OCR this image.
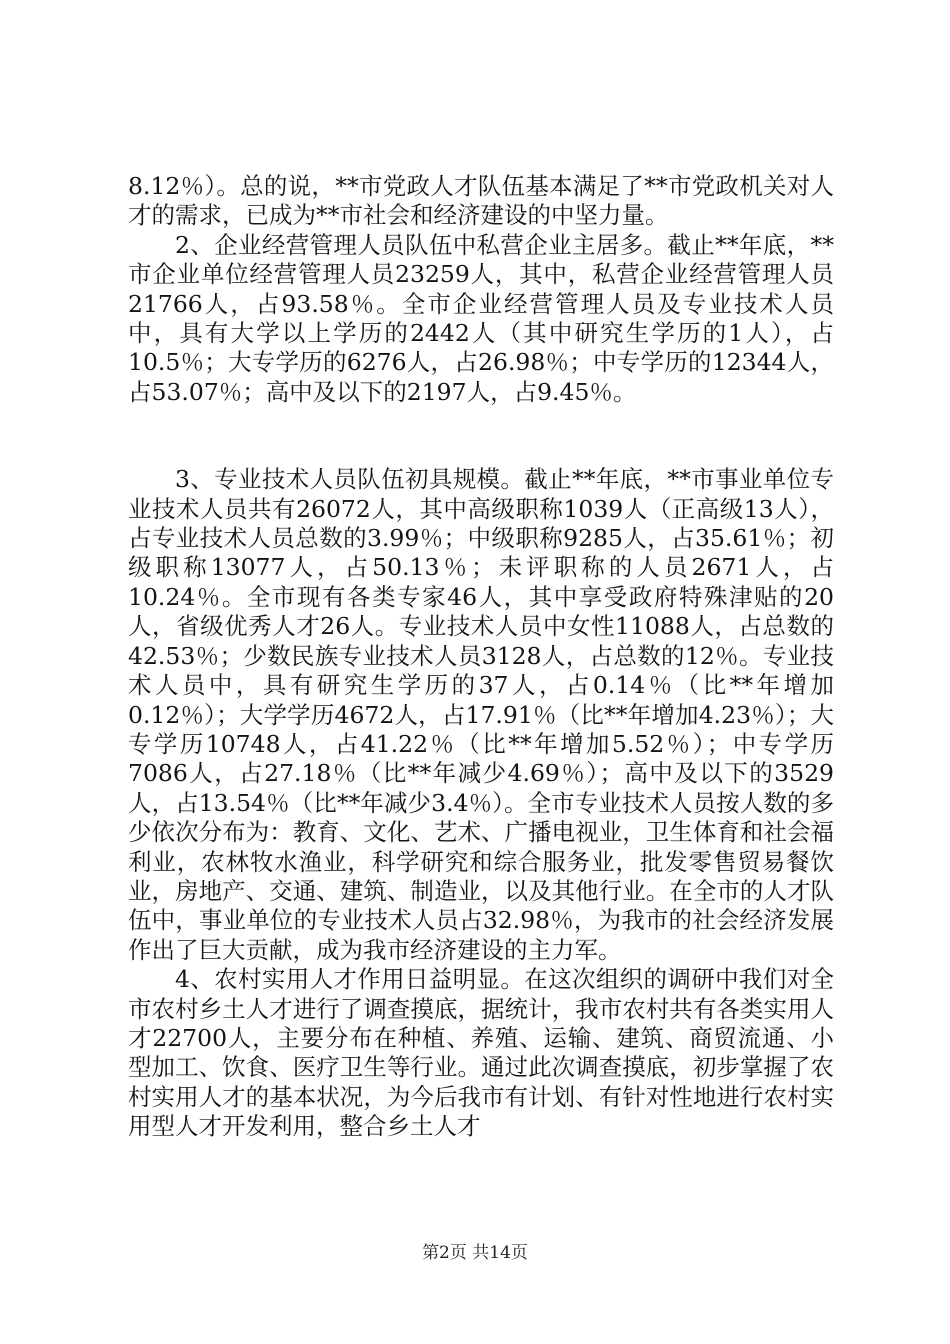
8.12％）。总的说，**市党政人才队伍基本满足了**市党政机关对人才的需求，已成为**市社会和经济建设的中坚力量。

2、企业经营管理人员队伍中私营企业主居多。截止**年底，**市企业单位经营管理人员23259人，其中，私营企业经营管理人员21766人，占93.58％。全市企业经营管理人员及专业技术人员中，具有大学以上学历的2442人（其中研究生学历的1人），占10.5％；大专学历的6276人，占26.98％；中专学历的12344人，占53.07％；高中及以下的2197人，占9.45％。

3、专业技术人员队伍初具规模。截止**年底，**市事业单位专业技术人员共有26072人，其中高级职称1039人（正高级13人），占专业技术人员总数的3.99％；中级职称9285人，占35.61％；初级职称13077人，占50.13％；未评职称的人员2671人，占10.24％。全市现有各类专家46人，其中享受政府特殊津贴的20人，省级优秀人才26人。专业技术人员中女性11088人，占总数的42.53％；少数民族专业技术人员3128人，占总数的12％。专业技术人员中，具有研究生学历的37人，占0.14％（比**年增加0.12％）；大学学历4672人，占17.91％（比**年增加4.23％）；大专学历10748人，占41.22％（比**年增加5.52％）；中专学历7086人，占27.18％（比**年减少4.69％）；高中及以下的3529人，占13.54％（比**年减少3.4％）。全市专业技术人员按人数的多少依次分布为：教育、文化、艺术、广播电视业，卫生体育和社会福利业，农林牧水渔业，科学研究和综合服务业，批发零售贸易餐饮业，房地产、交通、建筑、制造业，以及其他行业。在全市的人才队伍中，事业单位的专业技术人员占32.98％，为我市的社会经济发展作出了巨大贡献，成为我市经济建设的主力军。

4、农村实用人才作用日益明显。在这次组织的调研中我们对全市农村乡土人才进行了调查摸底，据统计，我市农村共有各类实用人才22700人，主要分布在种植、养殖、运输、建筑、商贸流通、小型加工、饮食、医疗卫生等行业。通过此次调查摸底，初步掌握了农村实用人才的基本状况，为今后我市有计划、有针对性地进行农村实用型人才开发利用，整合乡土人才

第2页 共14页
